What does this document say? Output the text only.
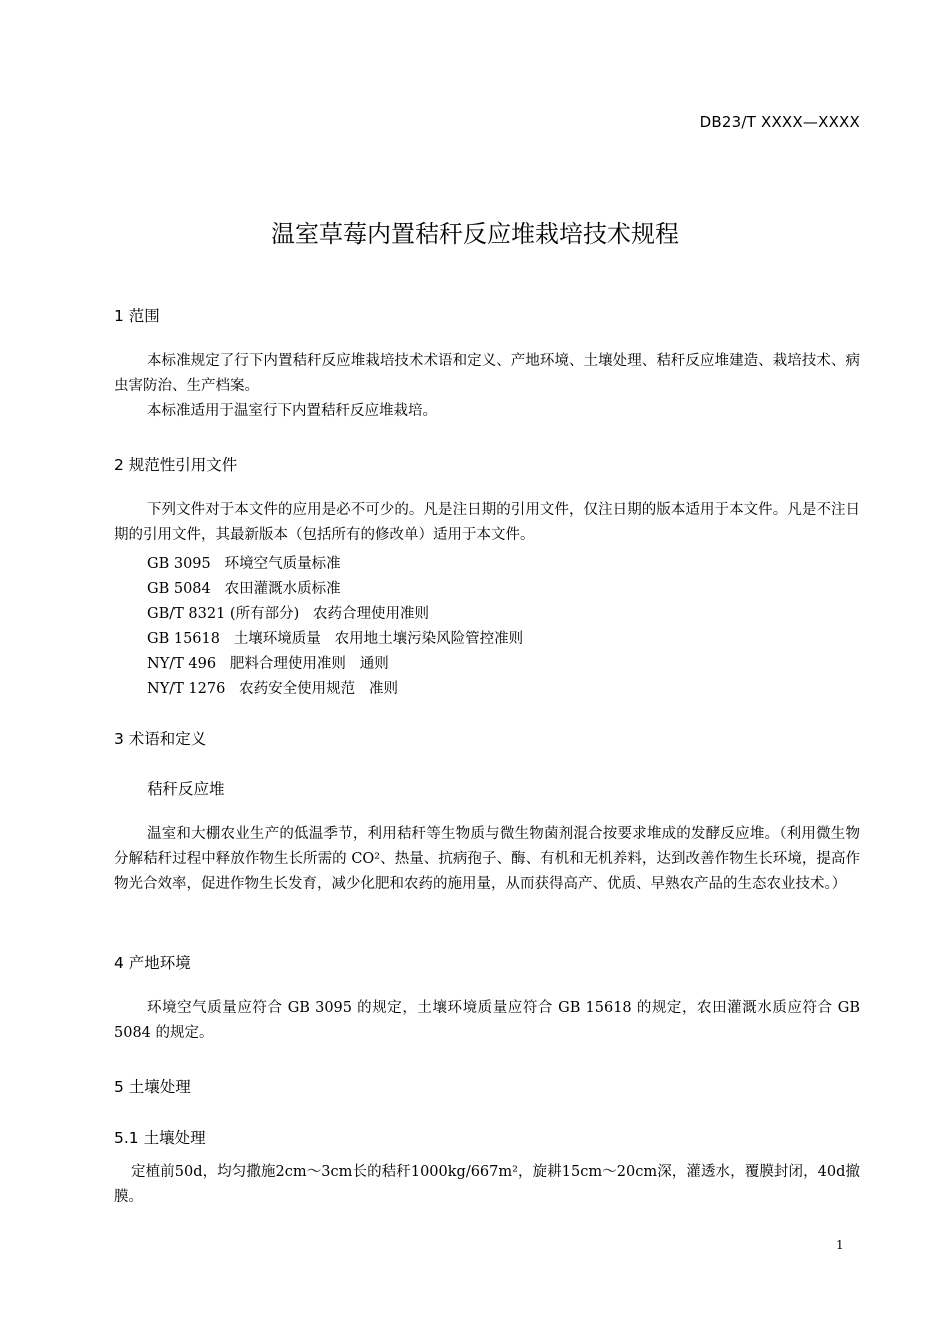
DB23/T XXXX—XXXX
温室草莓内置秸秆反应堆栽培技术规程
1 范围
本标准规定了行下内置秸秆反应堆栽培技术术语和定义、产地环境、土壤处理、秸秆反应堆建造、栽培技术、病虫害防治、生产档案。
本标准适用于温室行下内置秸秆反应堆栽培。
2 规范性引用文件
下列文件对于本文件的应用是必不可少的。凡是注日期的引用文件，仅注日期的版本适用于本文件。凡是不注日期的引用文件，其最新版本（包括所有的修改单）适用于本文件。
GB 3095   环境空气质量标准
GB 5084   农田灌溉水质标准
GB/T 8321 (所有部分)   农药合理使用准则
GB 15618   土壤环境质量   农用地土壤污染风险管控准则
NY/T 496   肥料合理使用准则   通则
NY/T 1276   农药安全使用规范   准则
3 术语和定义
秸秆反应堆
温室和大棚农业生产的低温季节，利用秸秆等生物质与微生物菌剂混合按要求堆成的发酵反应堆。（利用微生物分解秸秆过程中释放作物生长所需的 CO²、热量、抗病孢子、酶、有机和无机养料，达到改善作物生长环境，提高作物光合效率，促进作物生长发育，减少化肥和农药的施用量，从而获得高产、优质、早熟农产品的生态农业技术。）
4 产地环境
环境空气质量应符合 GB 3095 的规定，土壤环境质量应符合 GB 15618 的规定，农田灌溉水质应符合 GB 5084 的规定。
5 土壤处理
5.1 土壤处理
定植前50d，均匀撒施2cm～3cm长的秸秆1000kg/667m²，旋耕15cm～20cm深，灌透水，覆膜封闭，40d撤膜。
1
